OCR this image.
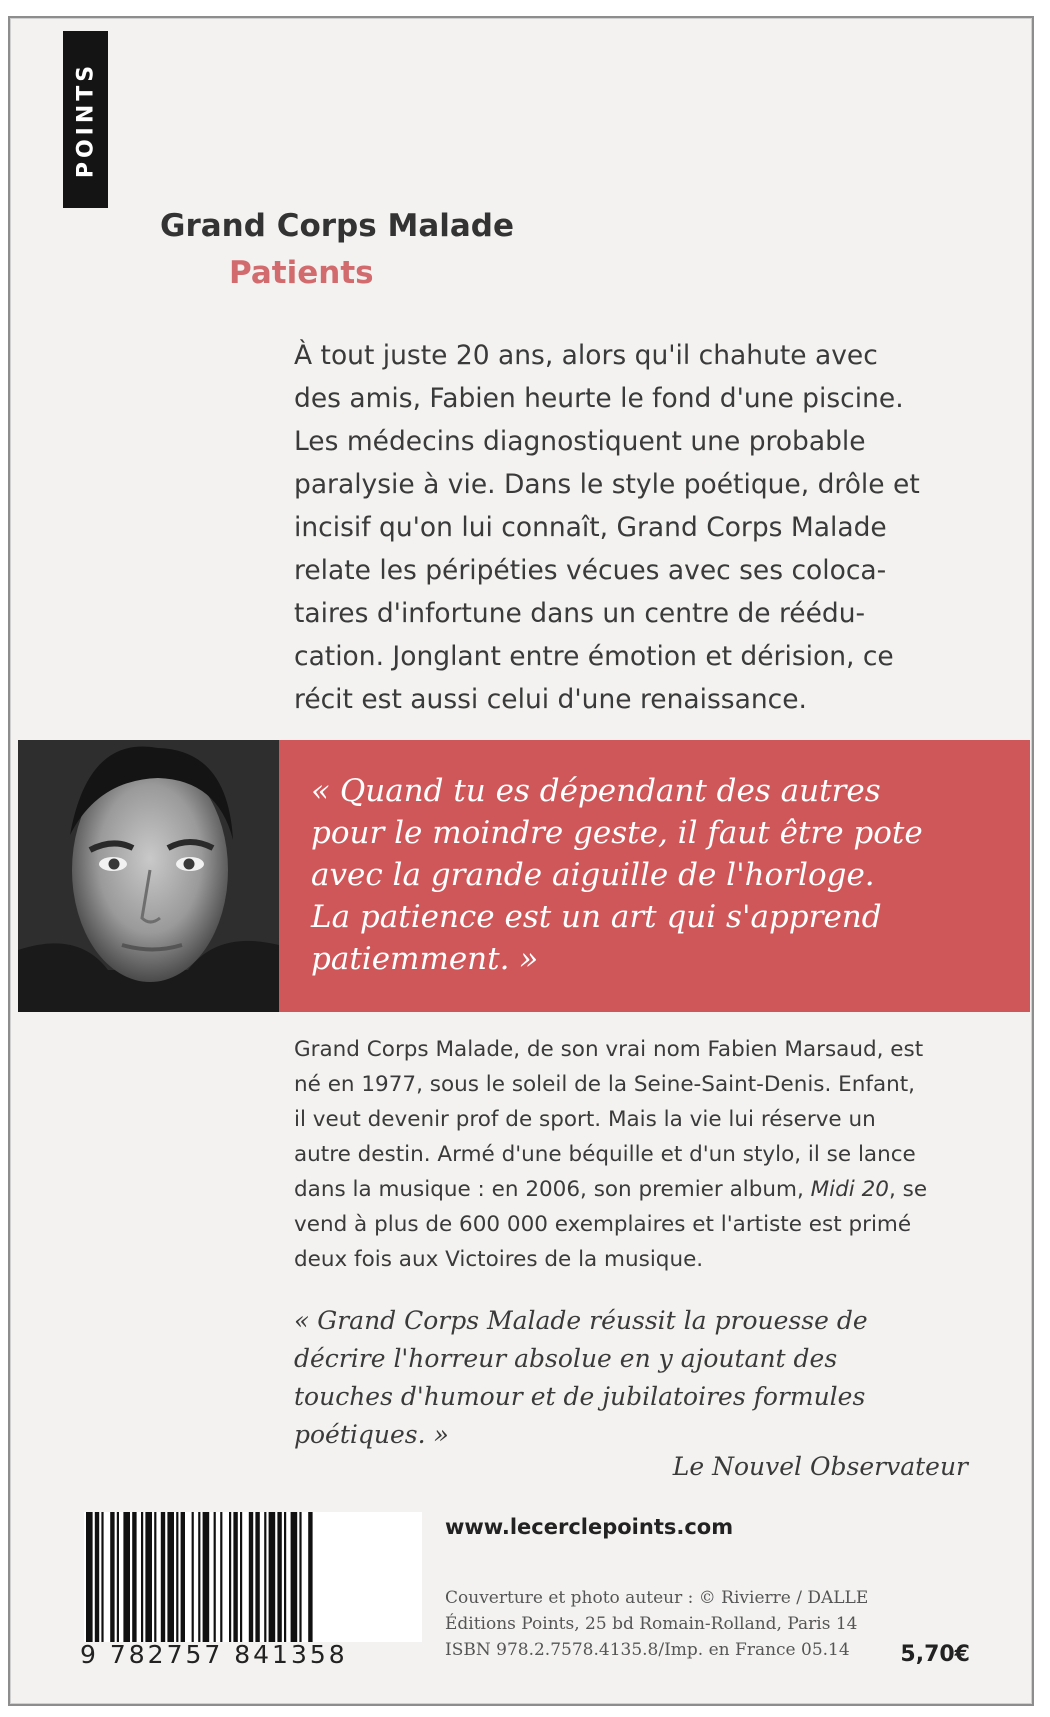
POINTS
Grand Corps Malade
Patients
À tout juste 20 ans, alors qu'il chahute avec
des amis, Fabien heurte le fond d'une piscine.
Les médecins diagnostiquent une probable
paralysie à vie. Dans le style poétique, drôle et
incisif qu'on lui connaît, Grand Corps Malade
relate les péripéties vécues avec ses coloca-
taires d'infortune dans un centre de réédu-
cation. Jonglant entre émotion et dérision, ce
récit est aussi celui d'une renaissance.
« Quand tu es dépendant des autres
pour le moindre geste, il faut être pote
avec la grande aiguille de l'horloge.
La patience est un art qui s'apprend
patiemment. »
Grand Corps Malade, de son vrai nom Fabien Marsaud, est
né en 1977, sous le soleil de la Seine-Saint-Denis. Enfant,
il veut devenir prof de sport. Mais la vie lui réserve un
autre destin. Armé d'une béquille et d'un stylo, il se lance
dans la musique : en 2006, son premier album, Midi 20, se
vend à plus de 600 000 exemplaires et l'artiste est primé
deux fois aux Victoires de la musique.
« Grand Corps Malade réussit la prouesse de
décrire l'horreur absolue en y ajoutant des
touches d'humour et de jubilatoires formules
poétiques. »
Le Nouvel Observateur
9 782757 841358
www.lecerclepoints.com
Couverture et photo auteur : © Rivierre / DALLE
Éditions Points, 25 bd Romain-Rolland, Paris 14
ISBN 978.2.7578.4135.8/Imp. en France 05.14	5,70€
